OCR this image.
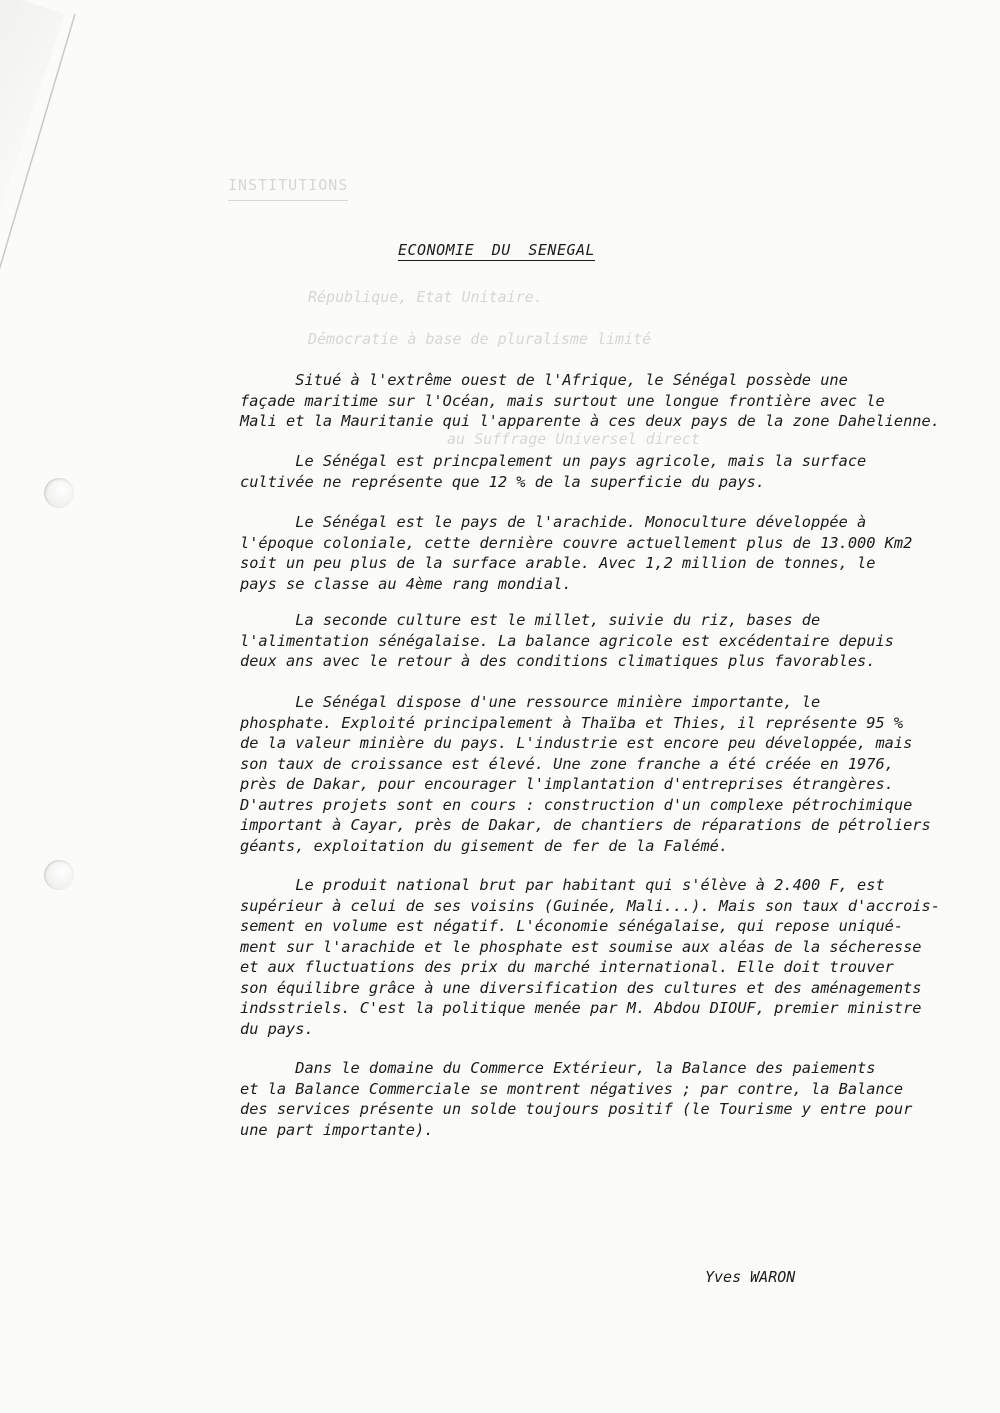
INSTITUTIONS
République, Etat Unitaire.
Démocratie à base de pluralisme limité
au Suffrage Universel direct
ECONOMIE DU SENEGAL

Situé à l'extrême ouest de l'Afrique, le Sénégal possède une
façade maritime sur l'Océan, mais surtout une longue frontière avec le
Mali et la Mauritanie qui l'apparente à ces deux pays de la zone Dahelienne.

Le Sénégal est princpalement un pays agricole, mais la surface
cultivée ne représente que 12 % de la superficie du pays.

Le Sénégal est le pays de l'arachide. Monoculture développée à
l'époque coloniale, cette dernière couvre actuellement plus de 13.000 Km2
soit un peu plus de la surface arable. Avec 1,2 million de tonnes, le
pays se classe au 4ème rang mondial.

La seconde culture est le millet, suivie du riz, bases de
l'alimentation sénégalaise. La balance agricole est excédentaire depuis
deux ans avec le retour à des conditions climatiques plus favorables.

Le Sénégal dispose d'une ressource minière importante, le
phosphate. Exploité principalement à Thaïba et Thies, il représente 95 %
de la valeur minière du pays. L'industrie est encore peu développée, mais
son taux de croissance est élevé. Une zone franche a été créée en 1976,
près de Dakar, pour encourager l'implantation d'entreprises étrangères.
D'autres projets sont en cours : construction d'un complexe pétrochimique
important à Cayar, près de Dakar, de chantiers de réparations de pétroliers
géants, exploitation du gisement de fer de la Falémé.

Le produit national brut par habitant qui s'élève à 2.400 F, est
supérieur à celui de ses voisins (Guinée, Mali...). Mais son taux d'accrois-
sement en volume est négatif. L'économie sénégalaise, qui repose uniqué-
ment sur l'arachide et le phosphate est soumise aux aléas de la sécheresse
et aux fluctuations des prix du marché international. Elle doit trouver
son équilibre grâce à une diversification des cultures et des aménagements
indsstriels. C'est la politique menée par M. Abdou DIOUF, premier ministre
du pays.

Dans le domaine du Commerce Extérieur, la Balance des paiements
et la Balance Commerciale se montrent négatives ; par contre, la Balance
des services présente un solde toujours positif (le Tourisme y entre pour
une part importante).

Yves WARON
